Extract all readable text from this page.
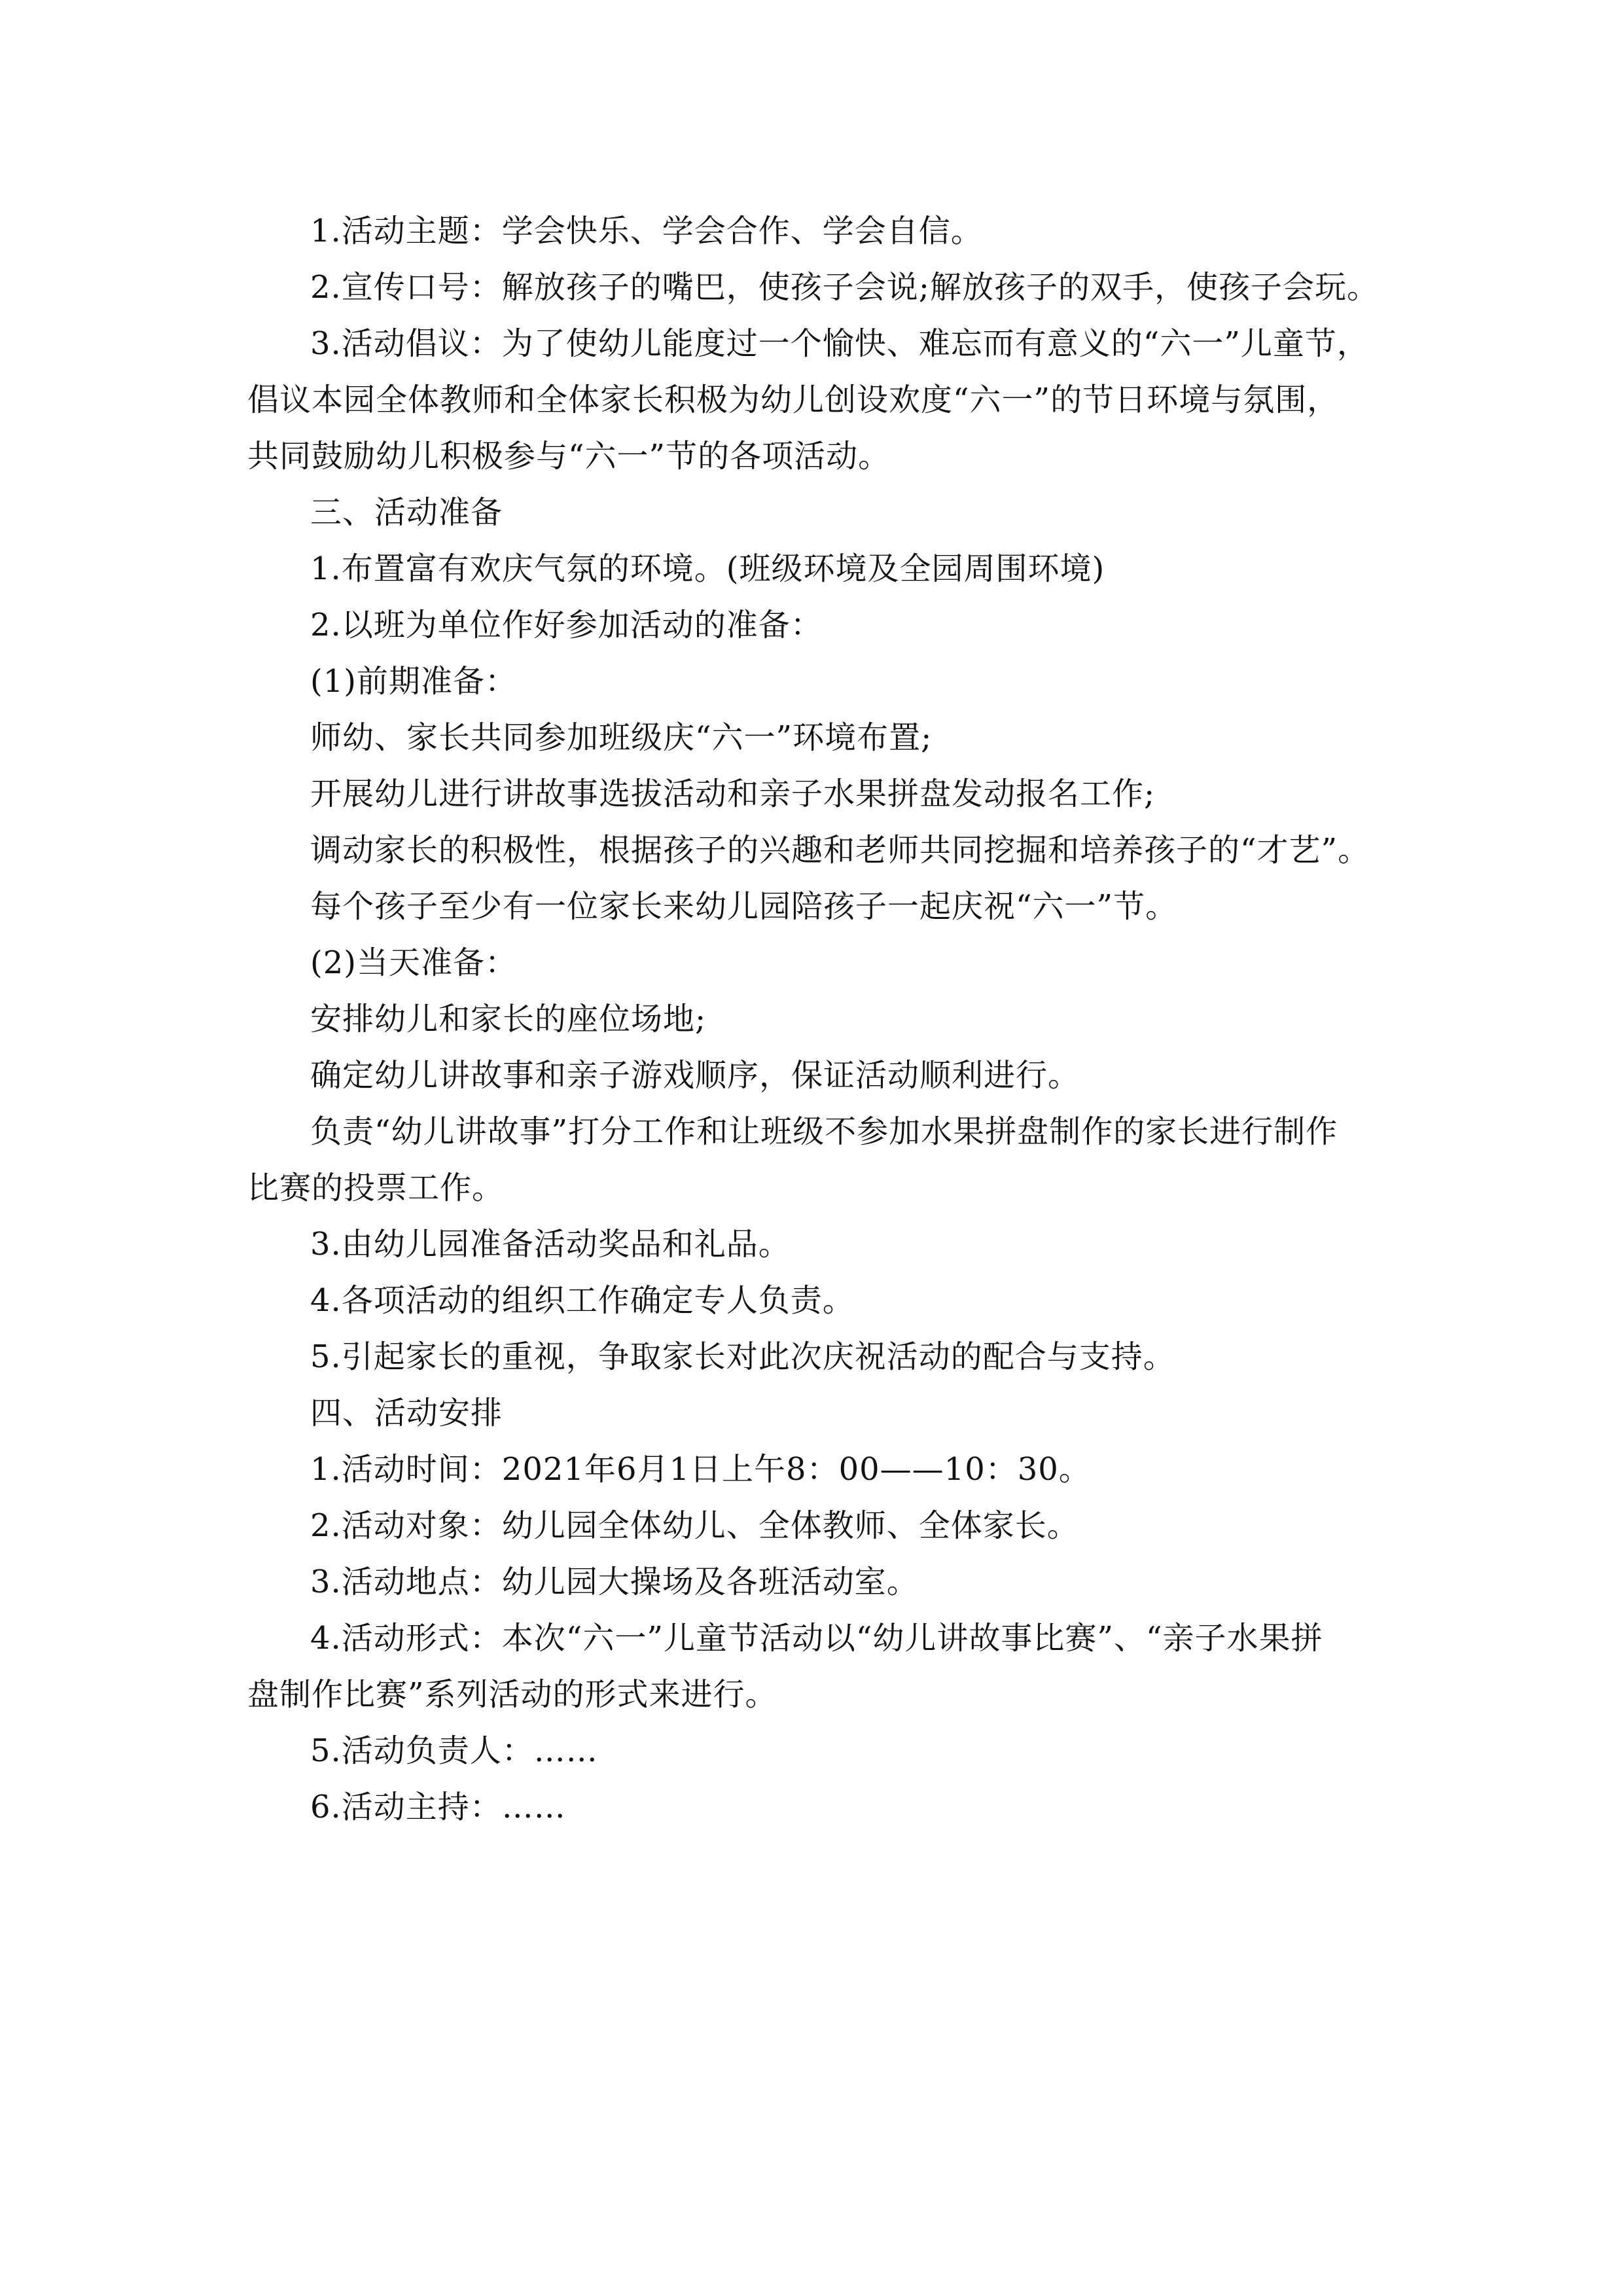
1.活动主题：学会快乐、学会合作、学会自信。

2.宣传口号：解放孩子的嘴巴，使孩子会说;解放孩子的双手，使孩子会玩。

3.活动倡议：为了使幼儿能度过一个愉快、难忘而有意义的“六一”儿童节，

倡议本园全体教师和全体家长积极为幼儿创设欢度“六一”的节日环境与氛围，

共同鼓励幼儿积极参与“六一”节的各项活动。

三、活动准备

1.布置富有欢庆气氛的环境。(班级环境及全园周围环境)

2.以班为单位作好参加活动的准备：

(1)前期准备：

师幼、家长共同参加班级庆“六一”环境布置;

开展幼儿进行讲故事选拔活动和亲子水果拼盘发动报名工作;

调动家长的积极性，根据孩子的兴趣和老师共同挖掘和培养孩子的“才艺”。

每个孩子至少有一位家长来幼儿园陪孩子一起庆祝“六一”节。

(2)当天准备：

安排幼儿和家长的座位场地;

确定幼儿讲故事和亲子游戏顺序，保证活动顺利进行。

负责“幼儿讲故事”打分工作和让班级不参加水果拼盘制作的家长进行制作

比赛的投票工作。

3.由幼儿园准备活动奖品和礼品。

4.各项活动的组织工作确定专人负责。

5.引起家长的重视，争取家长对此次庆祝活动的配合与支持。

四、活动安排

1.活动时间：2021年6月1日上午8：00——10：30。

2.活动对象：幼儿园全体幼儿、全体教师、全体家长。

3.活动地点：幼儿园大操场及各班活动室。

4.活动形式：本次“六一”儿童节活动以“幼儿讲故事比赛”、“亲子水果拼

盘制作比赛”系列活动的形式来进行。

5.活动负责人：……

6.活动主持：……
